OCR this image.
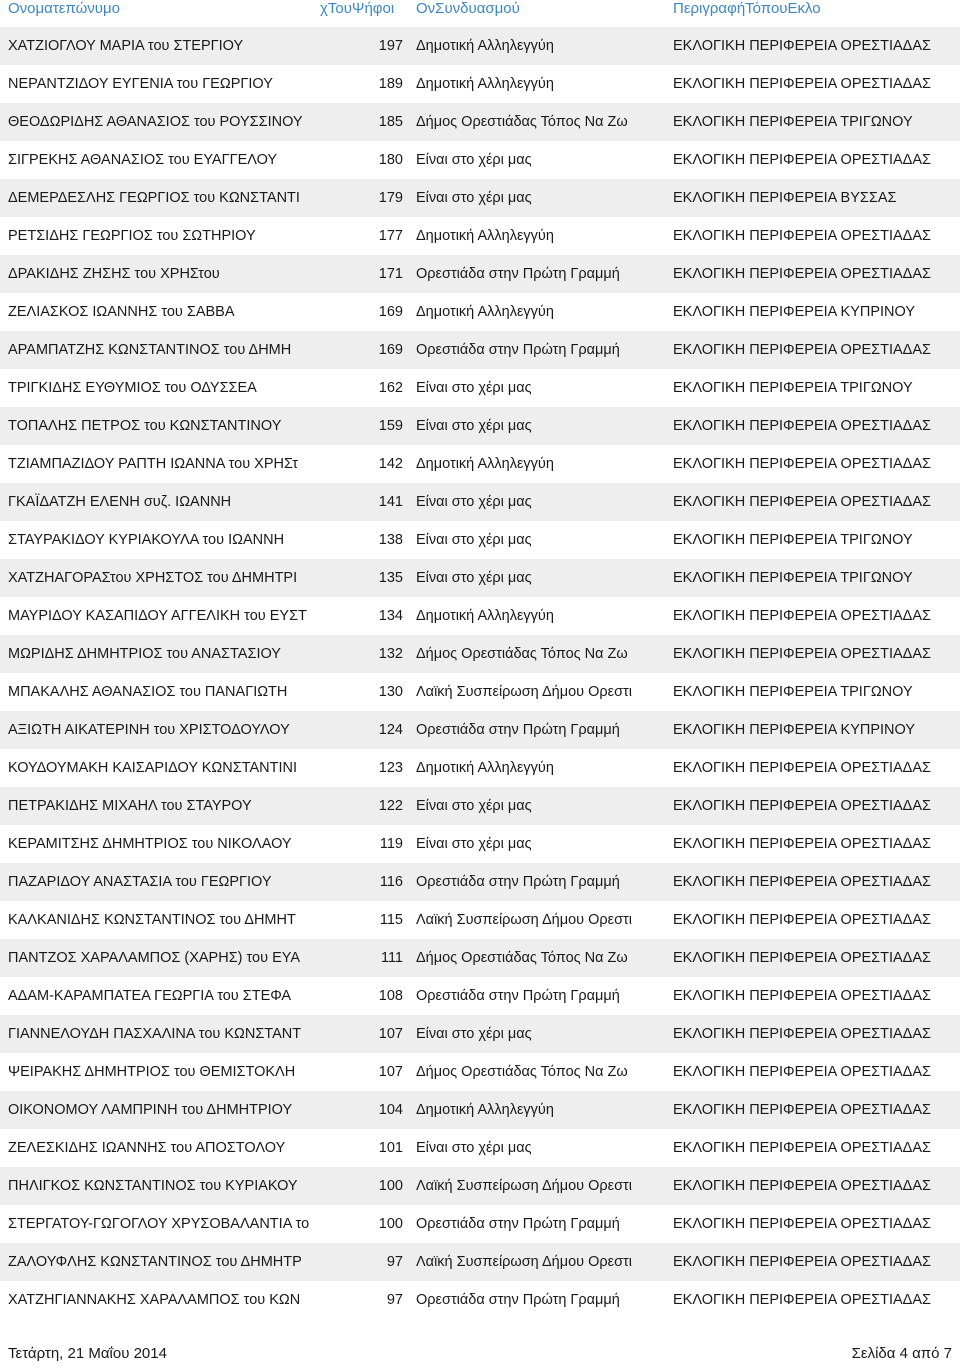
Ονοματεπώνυμο	χΤουΨήφοι ΟνΣυνδυασμού	ΠεριγραφήΤόπουΕκλο
ΧΑΤΖΙΟΓΛΟΥ ΜΑΡΙΑ του ΣΤΕΡΓΙΟΥ	197 Δημοτική Αλληλεγγύη	ΕΚΛΟΓΙΚΗ ΠΕΡΙΦΕΡΕΙΑ ΟΡΕΣΤΙΑΔΑΣ
ΝΕΡΑΝΤΖΙΔΟΥ ΕΥΓΕΝΙΑ του ΓΕΩΡΓΙΟΥ	189 Δημοτική Αλληλεγγύη	ΕΚΛΟΓΙΚΗ ΠΕΡΙΦΕΡΕΙΑ ΟΡΕΣΤΙΑΔΑΣ
ΘΕΟΔΩΡΙΔΗΣ ΑΘΑΝΑΣΙΟΣ του ΡΟΥΣΣΙΝΟΥ	185 Δήμος Ορεστιάδας Τόπος Να Ζω	ΕΚΛΟΓΙΚΗ ΠΕΡΙΦΕΡΕΙΑ ΤΡΙΓΩΝΟΥ
ΣΙΓΡΕΚΗΣ ΑΘΑΝΑΣΙΟΣ του ΕΥΑΓΓΕΛΟΥ	180 Είναι στο χέρι μας	ΕΚΛΟΓΙΚΗ ΠΕΡΙΦΕΡΕΙΑ ΟΡΕΣΤΙΑΔΑΣ
ΔΕΜΕΡΔΕΣΛΗΣ ΓΕΩΡΓΙΟΣ του ΚΩΝΣΤΑΝΤΙ	179 Είναι στο χέρι μας	ΕΚΛΟΓΙΚΗ ΠΕΡΙΦΕΡΕΙΑ ΒΥΣΣΑΣ
ΡΕΤΣΙΔΗΣ ΓΕΩΡΓΙΟΣ του ΣΩΤΗΡΙΟΥ	177 Δημοτική Αλληλεγγύη	ΕΚΛΟΓΙΚΗ ΠΕΡΙΦΕΡΕΙΑ ΟΡΕΣΤΙΑΔΑΣ
ΔΡΑΚΙΔΗΣ ΖΗΣΗΣ του ΧΡΗΣτου	171 Ορεστιάδα στην Πρώτη Γραμμή	ΕΚΛΟΓΙΚΗ ΠΕΡΙΦΕΡΕΙΑ ΟΡΕΣΤΙΑΔΑΣ
ΖΕΛΙΑΣΚΟΣ ΙΩΑΝΝΗΣ του ΣΑΒΒΑ	169 Δημοτική Αλληλεγγύη	ΕΚΛΟΓΙΚΗ ΠΕΡΙΦΕΡΕΙΑ ΚΥΠΡΙΝΟΥ
ΑΡΑΜΠΑΤΖΗΣ ΚΩΝΣΤΑΝΤΙΝΟΣ του ΔΗΜΗ	169 Ορεστιάδα στην Πρώτη Γραμμή	ΕΚΛΟΓΙΚΗ ΠΕΡΙΦΕΡΕΙΑ ΟΡΕΣΤΙΑΔΑΣ
ΤΡΙΓΚΙΔΗΣ ΕΥΘΥΜΙΟΣ του ΟΔΥΣΣΕΑ	162 Είναι στο χέρι μας	ΕΚΛΟΓΙΚΗ ΠΕΡΙΦΕΡΕΙΑ ΤΡΙΓΩΝΟΥ
ΤΟΠΑΛΗΣ ΠΕΤΡΟΣ του ΚΩΝΣΤΑΝΤΙΝΟΥ	159 Είναι στο χέρι μας	ΕΚΛΟΓΙΚΗ ΠΕΡΙΦΕΡΕΙΑ ΟΡΕΣΤΙΑΔΑΣ
ΤΖΙΑΜΠΑΖΙΔΟΥ ΡΑΠΤΗ ΙΩΑΝΝΑ του ΧΡΗΣτ	142 Δημοτική Αλληλεγγύη	ΕΚΛΟΓΙΚΗ ΠΕΡΙΦΕΡΕΙΑ ΟΡΕΣΤΙΑΔΑΣ
ΓΚΑΪΔΑΤΖΗ ΕΛΕΝΗ συζ. ΙΩΑΝΝΗ	141 Είναι στο χέρι μας	ΕΚΛΟΓΙΚΗ ΠΕΡΙΦΕΡΕΙΑ ΟΡΕΣΤΙΑΔΑΣ
ΣΤΑΥΡΑΚΙΔΟΥ ΚΥΡΙΑΚΟΥΛΑ του ΙΩΑΝΝΗ	138 Είναι στο χέρι μας	ΕΚΛΟΓΙΚΗ ΠΕΡΙΦΕΡΕΙΑ ΤΡΙΓΩΝΟΥ
ΧΑΤΖΗΑΓΟΡΑΣτου ΧΡΗΣΤΟΣ του ΔΗΜΗΤΡΙ	135 Είναι στο χέρι μας	ΕΚΛΟΓΙΚΗ ΠΕΡΙΦΕΡΕΙΑ ΤΡΙΓΩΝΟΥ
ΜΑΥΡΙΔΟΥ ΚΑΣΑΠΙΔΟΥ ΑΓΓΕΛΙΚΗ του ΕΥΣΤ	134 Δημοτική Αλληλεγγύη	ΕΚΛΟΓΙΚΗ ΠΕΡΙΦΕΡΕΙΑ ΟΡΕΣΤΙΑΔΑΣ
ΜΩΡΙΔΗΣ ΔΗΜΗΤΡΙΟΣ του ΑΝΑΣΤΑΣΙΟΥ	132 Δήμος Ορεστιάδας Τόπος Να Ζω	ΕΚΛΟΓΙΚΗ ΠΕΡΙΦΕΡΕΙΑ ΟΡΕΣΤΙΑΔΑΣ
ΜΠΑΚΑΛΗΣ ΑΘΑΝΑΣΙΟΣ του ΠΑΝΑΓΙΩΤΗ	130 Λαϊκή Συσπείρωση Δήμου Ορεστι	ΕΚΛΟΓΙΚΗ ΠΕΡΙΦΕΡΕΙΑ ΤΡΙΓΩΝΟΥ
ΑΞΙΩΤΗ ΑΙΚΑΤΕΡΙΝΗ του ΧΡΙΣΤΟΔΟΥΛΟΥ	124 Ορεστιάδα στην Πρώτη Γραμμή	ΕΚΛΟΓΙΚΗ ΠΕΡΙΦΕΡΕΙΑ ΚΥΠΡΙΝΟΥ
ΚΟΥΔΟΥΜΑΚΗ ΚΑΙΣΑΡΙΔΟΥ ΚΩΝΣΤΑΝΤΙΝΙ	123 Δημοτική Αλληλεγγύη	ΕΚΛΟΓΙΚΗ ΠΕΡΙΦΕΡΕΙΑ ΟΡΕΣΤΙΑΔΑΣ
ΠΕΤΡΑΚΙΔΗΣ ΜΙΧΑΗΛ του ΣΤΑΥΡΟΥ	122 Είναι στο χέρι μας	ΕΚΛΟΓΙΚΗ ΠΕΡΙΦΕΡΕΙΑ ΟΡΕΣΤΙΑΔΑΣ
ΚΕΡΑΜΙΤΣΗΣ ΔΗΜΗΤΡΙΟΣ του ΝΙΚΟΛΑΟΥ	119 Είναι στο χέρι μας	ΕΚΛΟΓΙΚΗ ΠΕΡΙΦΕΡΕΙΑ ΟΡΕΣΤΙΑΔΑΣ
ΠΑΖΑΡΙΔΟΥ ΑΝΑΣΤΑΣΙΑ του ΓΕΩΡΓΙΟΥ	116 Ορεστιάδα στην Πρώτη Γραμμή	ΕΚΛΟΓΙΚΗ ΠΕΡΙΦΕΡΕΙΑ ΟΡΕΣΤΙΑΔΑΣ
ΚΑΛΚΑΝΙΔΗΣ ΚΩΝΣΤΑΝΤΙΝΟΣ του ΔΗΜΗΤ	115 Λαϊκή Συσπείρωση Δήμου Ορεστι	ΕΚΛΟΓΙΚΗ ΠΕΡΙΦΕΡΕΙΑ ΟΡΕΣΤΙΑΔΑΣ
ΠΑΝΤΖΟΣ ΧΑΡΑΛΑΜΠΟΣ (ΧΑΡΗΣ) του ΕΥΑ	111 Δήμος Ορεστιάδας Τόπος Να Ζω	ΕΚΛΟΓΙΚΗ ΠΕΡΙΦΕΡΕΙΑ ΟΡΕΣΤΙΑΔΑΣ
ΑΔΑΜ-ΚΑΡΑΜΠΑΤΕΑ ΓΕΩΡΓΙΑ του ΣΤΕΦΑ	108 Ορεστιάδα στην Πρώτη Γραμμή	ΕΚΛΟΓΙΚΗ ΠΕΡΙΦΕΡΕΙΑ ΟΡΕΣΤΙΑΔΑΣ
ΓΙΑΝΝΕΛΟΥΔΗ ΠΑΣΧΑΛΙΝΑ του ΚΩΝΣΤΑΝΤ	107 Είναι στο χέρι μας	ΕΚΛΟΓΙΚΗ ΠΕΡΙΦΕΡΕΙΑ ΟΡΕΣΤΙΑΔΑΣ
ΨΕΙΡΑΚΗΣ ΔΗΜΗΤΡΙΟΣ του ΘΕΜΙΣΤΟΚΛΗ	107 Δήμος Ορεστιάδας Τόπος Να Ζω	ΕΚΛΟΓΙΚΗ ΠΕΡΙΦΕΡΕΙΑ ΟΡΕΣΤΙΑΔΑΣ
ΟΙΚΟΝΟΜΟΥ ΛΑΜΠΡΙΝΗ του ΔΗΜΗΤΡΙΟΥ	104 Δημοτική Αλληλεγγύη	ΕΚΛΟΓΙΚΗ ΠΕΡΙΦΕΡΕΙΑ ΟΡΕΣΤΙΑΔΑΣ
ΖΕΛΕΣΚΙΔΗΣ ΙΩΑΝΝΗΣ του ΑΠΟΣΤΟΛΟΥ	101 Είναι στο χέρι μας	ΕΚΛΟΓΙΚΗ ΠΕΡΙΦΕΡΕΙΑ ΟΡΕΣΤΙΑΔΑΣ
ΠΗΛΙΓΚΟΣ ΚΩΝΣΤΑΝΤΙΝΟΣ του ΚΥΡΙΑΚΟΥ	100 Λαϊκή Συσπείρωση Δήμου Ορεστι	ΕΚΛΟΓΙΚΗ ΠΕΡΙΦΕΡΕΙΑ ΟΡΕΣΤΙΑΔΑΣ
ΣΤΕΡΓΑΤΟΥ-ΓΩΓΟΓΛΟΥ ΧΡΥΣΟΒΑΛΑΝΤΙΑ το	100 Ορεστιάδα στην Πρώτη Γραμμή	ΕΚΛΟΓΙΚΗ ΠΕΡΙΦΕΡΕΙΑ ΟΡΕΣΤΙΑΔΑΣ
ΖΑΛΟΥΦΛΗΣ ΚΩΝΣΤΑΝΤΙΝΟΣ του ΔΗΜΗΤΡ	97 Λαϊκή Συσπείρωση Δήμου Ορεστι	ΕΚΛΟΓΙΚΗ ΠΕΡΙΦΕΡΕΙΑ ΟΡΕΣΤΙΑΔΑΣ
ΧΑΤΖΗΓΙΑΝΝΑΚΗΣ ΧΑΡΑΛΑΜΠΟΣ του ΚΩΝ	97 Ορεστιάδα στην Πρώτη Γραμμή	ΕΚΛΟΓΙΚΗ ΠΕΡΙΦΕΡΕΙΑ ΟΡΕΣΤΙΑΔΑΣ
Τετάρτη, 21 Μαΐου 2014	Σελίδα 4 από 7
